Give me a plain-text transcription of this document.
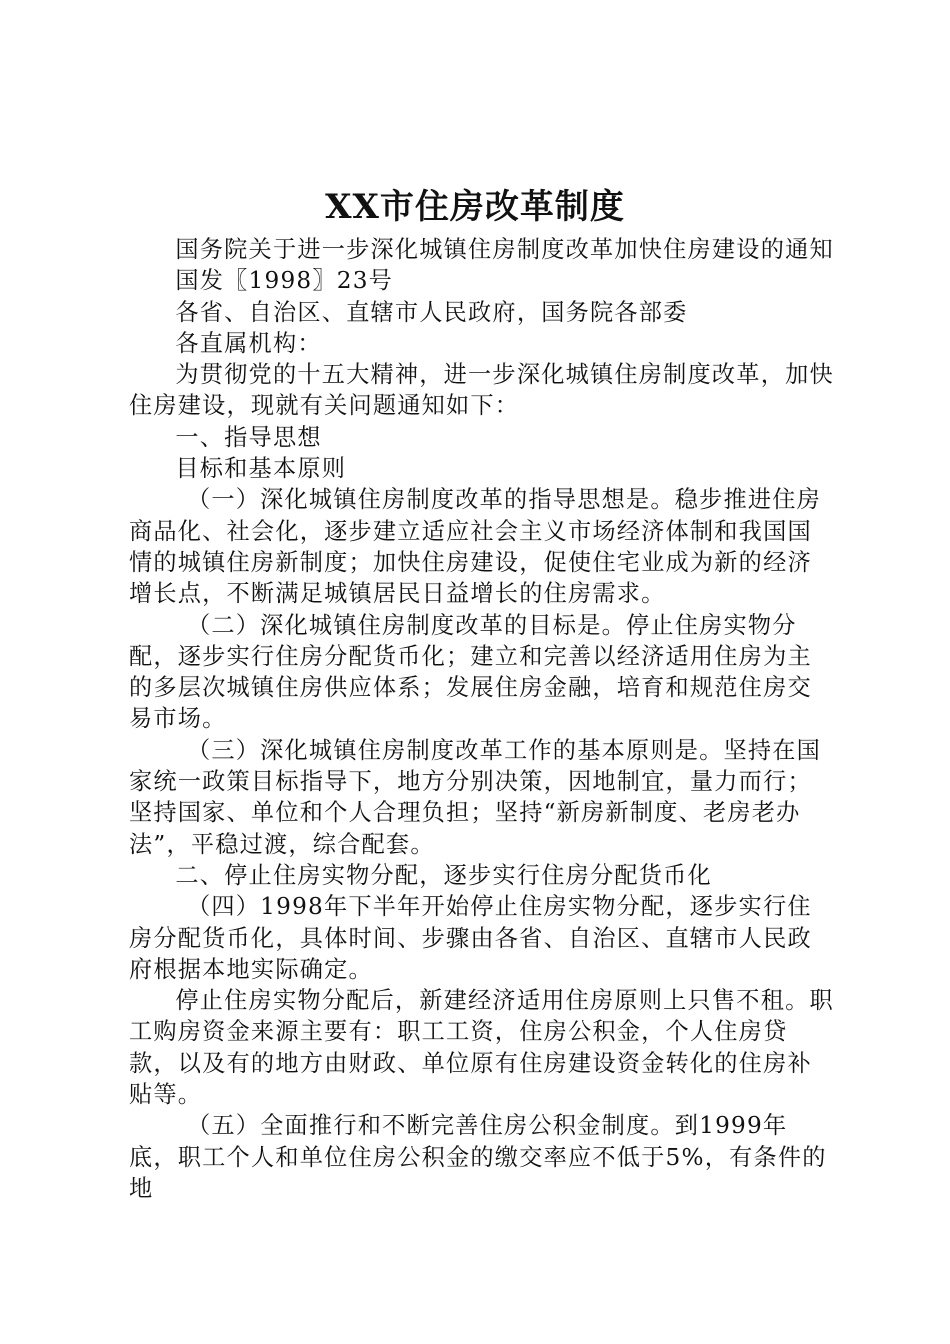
XX市住房改革制度

国务院关于进一步深化城镇住房制度改革加快住房建设的通知

国发〖1998〗23号

各省、自治区、直辖市人民政府，国务院各部委

各直属机构：

为贯彻党的十五大精神，进一步深化城镇住房制度改革，加快住房建设，现就有关问题通知如下：

一、指导思想

目标和基本原则

（一）深化城镇住房制度改革的指导思想是。稳步推进住房商品化、社会化，逐步建立适应社会主义市场经济体制和我国国情的城镇住房新制度；加快住房建设，促使住宅业成为新的经济增长点，不断满足城镇居民日益增长的住房需求。

（二）深化城镇住房制度改革的目标是。停止住房实物分配，逐步实行住房分配货币化；建立和完善以经济适用住房为主的多层次城镇住房供应体系；发展住房金融，培育和规范住房交易市场。

（三）深化城镇住房制度改革工作的基本原则是。坚持在国家统一政策目标指导下，地方分别决策，因地制宜，量力而行；坚持国家、单位和个人合理负担；坚持“新房新制度、老房老办法”，平稳过渡，综合配套。

二、停止住房实物分配，逐步实行住房分配货币化

（四）1998年下半年开始停止住房实物分配，逐步实行住房分配货币化，具体时间、步骤由各省、自治区、直辖市人民政府根据本地实际确定。

停止住房实物分配后，新建经济适用住房原则上只售不租。职工购房资金来源主要有：职工工资，住房公积金，个人住房贷款，以及有的地方由财政、单位原有住房建设资金转化的住房补贴等。

（五）全面推行和不断完善住房公积金制度。到1999年底，职工个人和单位住房公积金的缴交率应不低于5%，有条件的地
